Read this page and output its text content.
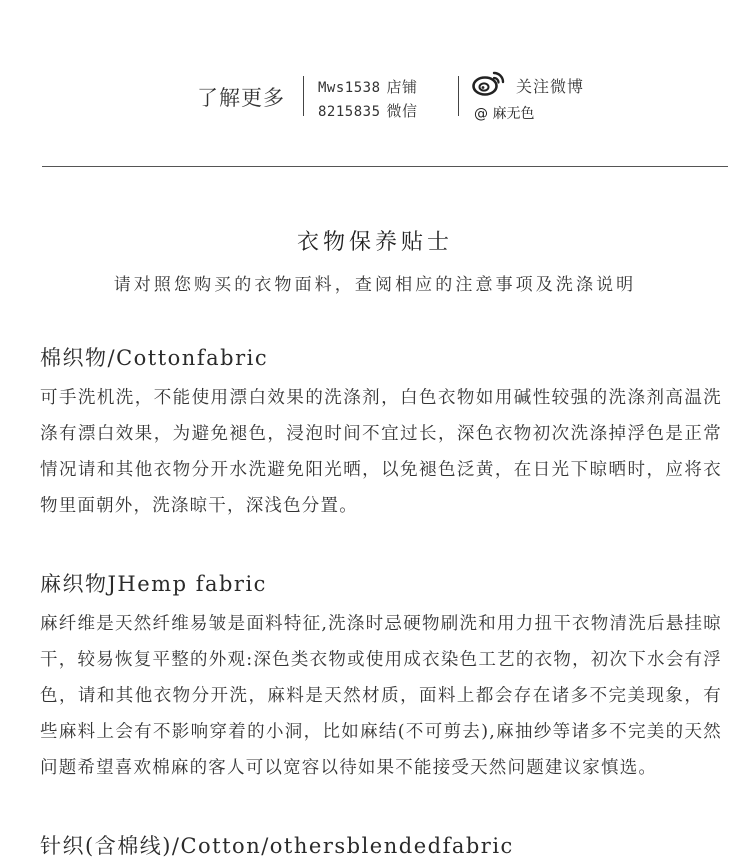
了解更多 Mws1538 店铺
8215835 微信
关注微博
@ 麻无色
衣物保养贴士
请对照您购买的衣物面料，查阅相应的注意事项及洗涤说明
棉织物/Cottonfabric
可手洗机洗，不能使用漂白效果的洗涤剂，白色衣物如用碱性较强的洗涤剂高温洗涤有漂白效果，为避免褪色，浸泡时间不宜过长，深色衣物初次洗涤掉浮色是正常情况请和其他衣物分开水洗避免阳光晒，以免褪色泛黄，在日光下晾晒时，应将衣物里面朝外，洗涤晾干，深浅色分置。
麻织物JHemp fabric
麻纤维是天然纤维易皱是面料特征,洗涤时忌硬物刷洗和用力扭干衣物清洗后悬挂晾干，较易恢复平整的外观:深色类衣物或使用成衣染色工艺的衣物，初次下水会有浮色，请和其他衣物分开洗，麻料是天然材质，面料上都会存在诸多不完美现象，有些麻料上会有不影响穿着的小洞，比如麻结(不可剪去),麻抽纱等诸多不完美的天然问题希望喜欢棉麻的客人可以宽容以待如果不能接受天然问题建议家慎选。
针织(含棉线)/Cotton/othersblendedfabric
